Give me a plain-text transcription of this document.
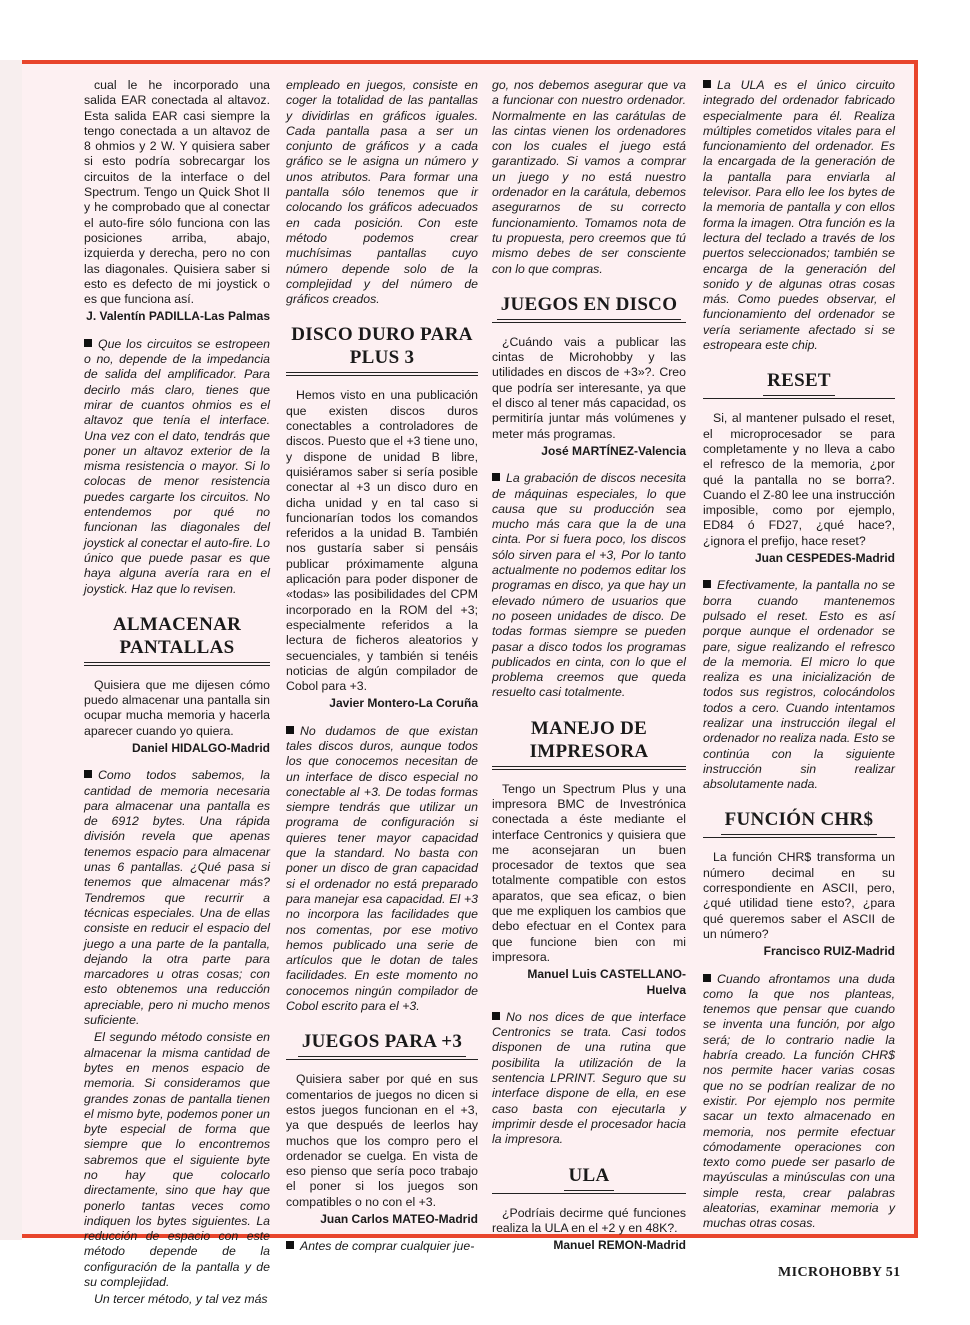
cual le he incorporado una salida EAR conectada al altavoz. Esta salida EAR casi siempre la tengo conectada a un altavoz de 8 ohmios y 2 W. Y quisiera saber si esto podría sobrecargar los circuitos de la interface o del Spectrum. Tengo un Quick Shot II y he comprobado que al conectar el auto-fire sólo funciona con las posiciones arriba, abajo, izquierda y derecha, pero no con las diagonales. Quisiera saber si esto es defecto de mi joystick o es que funciona así.

J. Valentín PADILLA-Las Palmas

Que los circuitos se estropeen o no, depende de la impedancia de salida del amplificador. Para decirlo más claro, tienes que mirar de cuantos ohmios es el altavoz que tenía el interface. Una vez con el dato, tendrás que poner un altavoz exterior de la misma resistencia o mayor. Si lo colocas de menor resistencia puedes cargarte los circuitos. No entendemos por qué no funcionan las diagonales del joystick al conectar el auto-fire. Lo único que puede pasar es que haya alguna avería rara en el joystick. Haz que lo revisen.

ALMACENAR PANTALLAS

Quisiera que me dijesen cómo puedo almacenar una pantalla sin ocupar mucha memoria y hacerla aparecer cuando yo quiera.

Daniel HIDALGO-Madrid

Como todos sabemos, la cantidad de memoria necesaria para almacenar una pantalla es de 6912 bytes. Una rápida división revela que apenas tenemos espacio para almacenar unas 6 pantallas. ¿Qué pasa si tenemos que almacenar más? Tendremos que recurrir a técnicas especiales. Una de ellas consiste en reducir el espacio del juego a una parte de la pantalla, dejando la otra parte para marcadores u otras cosas; con esto obtenemos una reducción apreciable, pero ni mucho menos suficiente.

El segundo método consiste en almacenar la misma cantidad de bytes en menos espacio de memoria. Si consideramos que grandes zonas de pantalla tienen el mismo byte, podemos poner un byte especial de forma que siempre que lo encontremos sabremos que el siguiente byte no hay que colocarlo directamente, sino que hay que ponerlo tantas veces como indiquen los bytes siguientes. La reducción de espacio con este método depende de la configuración de la pantalla y de su complejidad.

Un tercer método, y tal vez más

empleado en juegos, consiste en coger la totalidad de las pantallas y dividirlas en gráficos iguales. Cada pantalla pasa a ser un conjunto de gráficos y a cada gráfico se le asigna un número y unos atributos. Para formar una pantalla sólo tenemos que ir colocando los gráficos adecuados en cada posición. Con este método podemos crear muchísimas pantallas cuyo número depende solo de la complejidad y del número de gráficos creados.

DISCO DURO PARA PLUS 3

Hemos visto en una publicación que existen discos duros conectables a controladores de discos. Puesto que el +3 tiene uno, y dispone de unidad B libre, quisiéramos saber si sería posible conectar al +3 un disco duro en dicha unidad y en tal caso si funcionarían todos los comandos referidos a la unidad B. También nos gustaría saber si pensáis publicar próximamente alguna aplicación para poder disponer de «todas» las posibilidades del CPM incorporado en la ROM del +3; especialmente referidos a la lectura de ficheros aleatorios y secuenciales, y también si tenéis noticias de algún compilador de Cobol para +3.

Javier Montero-La Coruña

No dudamos de que existan tales discos duros, aunque todos los que conocemos necesitan de un interface de disco especial no conectable al +3. De todas formas siempre tendrás que utilizar un programa de configuración si quieres tener mayor capacidad que la standard. No basta con poner un disco de gran capacidad si el ordenador no está preparado para manejar esa capacidad. El +3 no incorpora las facilidades que nos comentas, por ese motivo hemos publicado una serie de artículos que le dotan de tales facilidades. En este momento no conocemos ningún compilador de Cobol escrito para el +3.

JUEGOS PARA +3

Quisiera saber por qué en sus comentarios de juegos no dicen si estos juegos funcionan en el +3, ya que después de leerlos hay muchos que los compro pero el ordenador se cuelga. En vista de eso pienso que sería poco trabajo el poner si los juegos son compatibles o no con el +3.

Juan Carlos MATEO-Madrid

Antes de comprar cualquier jue-

go, nos debemos asegurar que va a funcionar con nuestro ordenador. Normalmente en las carátulas de las cintas vienen los ordenadores con los cuales el juego está garantizado. Si vamos a comprar un juego y no está nuestro ordenador en la carátula, debemos asegurarnos de su correcto funcionamiento. Tomamos nota de tu propuesta, pero creemos que tú mismo debes de ser consciente con lo que compras.

JUEGOS EN DISCO

¿Cuándo vais a publicar las cintas de Microhobby y las utilidades en discos de +3»?. Creo que podría ser interesante, ya que el disco al tener más capacidad, os permitiría juntar más volúmenes y meter más programas.

José MARTÍNEZ-Valencia

La grabación de discos necesita de máquinas especiales, lo que causa que su producción sea mucho más cara que la de una cinta. Por si fuera poco, los discos sólo sirven para el +3, Por lo tanto actualmente no podemos editar los programas en disco, ya que hay un elevado número de usuarios que no poseen unidades de disco. De todas formas siempre se pueden pasar a disco todos los programas publicados en cinta, con lo que el problema creemos que queda resuelto casi totalmente.

MANEJO DE IMPRESORA

Tengo un Spectrum Plus y una impresora BMC de Investrónica conectada a éste mediante el interface Centronics y quisiera que me aconsejaran un buen procesador de textos que sea totalmente compatible con estos aparatos, que sea eficaz, o bien que me expliquen los cambios que debo efectuar en el Contex para que funcione bien con mi impresora.

Manuel Luis CASTELLANO-Huelva

No nos dices de que interface Centronics se trata. Casi todos disponen de una rutina que posibilita la utilización de la sentencia LPRINT. Seguro que su interface dispone de ella, en ese caso basta con ejecutarla y imprimir desde el procesador hacia la impresora.

ULA

¿Podríais decirme qué funciones realiza la ULA en el +2 y en 48K?.

Manuel REMON-Madrid

La ULA es el único circuito integrado del ordenador fabricado especialmente para él. Realiza múltiples cometidos vitales para el funcionamiento del ordenador. Es la encargada de la generación de la pantalla para enviarla al televisor. Para ello lee los bytes de la memoria de pantalla y con ellos forma la imagen. Otra función es la lectura del teclado a través de los puertos seleccionados; también se encarga de la generación del sonido y de algunas otras cosas más. Como puedes observar, el funcionamiento del ordenador se vería seriamente afectado si se estropeara este chip.

RESET

Si, al mantener pulsado el reset, el microprocesador se para completamente y no lleva a cabo el refresco de la memoria, ¿por qué la pantalla no se borra?. Cuando el Z-80 lee una instrucción imposible, como por ejemplo, ED84 ó FD27, ¿qué hace?, ¿ignora el prefijo, hace reset?

Juan CESPEDES-Madrid

Efectivamente, la pantalla no se borra cuando mantenemos pulsado el reset. Esto es así porque aunque el ordenador se pare, sigue realizando el refresco de la memoria. El micro lo que realiza es una inicialización de todos sus registros, colocándolos todos a cero. Cuando intentamos realizar una instrucción ilegal el ordenador no realiza nada. Esto se continúa con la siguiente instrucción sin realizar absolutamente nada.

FUNCIÓN CHR$

La función CHR$ transforma un número decimal en su correspondiente en ASCII, pero, ¿qué utilidad tiene esto?, ¿para qué queremos saber el ASCII de un número?

Francisco RUIZ-Madrid

Cuando afrontamos una duda como la que nos planteas, tenemos que pensar que cuando se inventa una función, por algo será; de lo contrario nadie la habría creado. La función CHR$ nos permite hacer varias cosas que no se podrían realizar de no existir. Por ejemplo nos permite sacar un texto almacenado en memoria, nos permite efectuar cómodamente operaciones con texto como puede ser pasarlo de mayúsculas a minúsculas con una simple resta, crear palabras aleatorias, examinar memoria y muchas otras cosas.

MICROHOBBY 51
